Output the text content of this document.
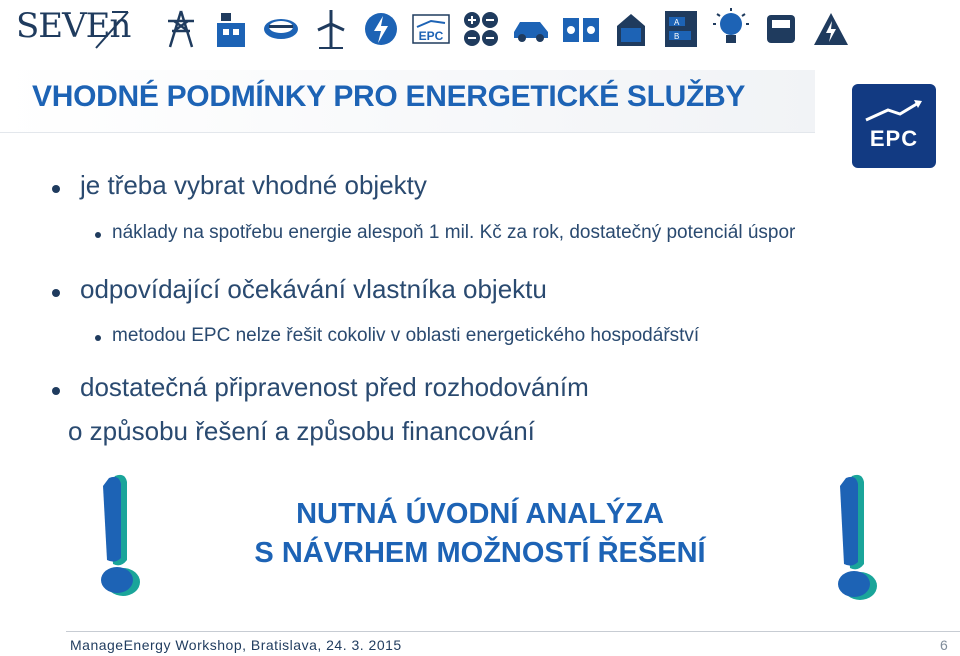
SEVEn	EPC
A
B
VHODNÉ PODMÍNKY PRO ENERGETICKÉ SLUŽBY
EPC
je třeba vybrat vhodné objekty
náklady na spotřebu energie alespoň 1 mil. Kč za rok, dostatečný potenciál úspor
odpovídající očekávání vlastníka objektu
metodou EPC nelze řešit cokoliv v oblasti energetického hospodářství
dostatečná připravenost před rozhodováním
o způsobu řešení a způsobu financování
NUTNÁ ÚVODNÍ ANALÝZA
S NÁVRHEM MOŽNOSTÍ ŘEŠENÍ
ManageEnergy Workshop, Bratislava, 24. 3. 2015	6
